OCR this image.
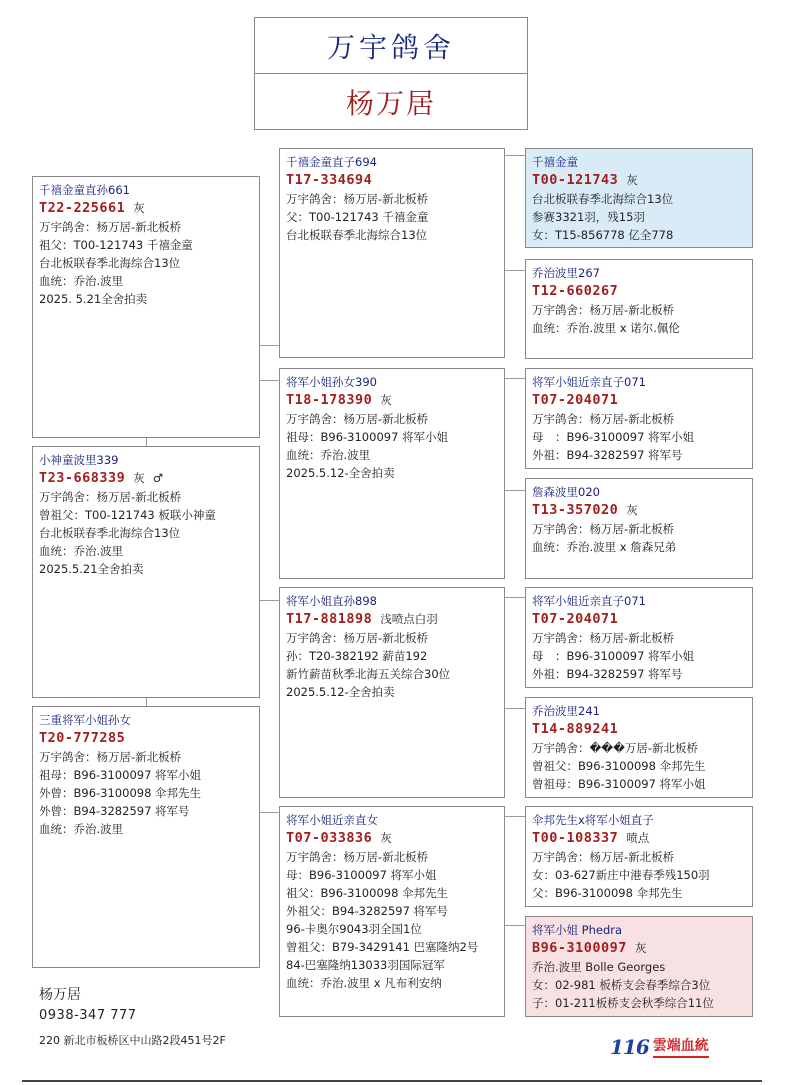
万宇鸽舍
杨万居
千禧金童直孙661
T22-225661 灰
万宇鸽舍：杨万居-新北板桥
祖父：T00-121743 千禧金童
台北板联春季北海综合13位
血统：乔治.波里
2025. 5.21全舍拍卖
小神童波里339
T23-668339 灰 ♂
万宇鸽舍：杨万居-新北板桥
曾祖父：T00-121743 板联小神童
台北板联春季北海综合13位
血统：乔治.波里
2025.5.21全舍拍卖
三重将军小姐孙女
T20-777285
万宇鸽舍：杨万居-新北板桥
祖母：B96-3100097 将军小姐
外曾：B96-3100098 伞邦先生
外曾：B94-3282597 将军号
血统：乔治.波里
千禧金童直子694
T17-334694
万宇鸽舍：杨万居-新北板桥
父：T00-121743 千禧金童
台北板联春季北海综合13位
将军小姐孙女390
T18-178390 灰
万宇鸽舍：杨万居-新北板桥
祖母：B96-3100097 将军小姐
血统：乔治.波里
2025.5.12-全舍拍卖
将军小姐直孙898
T17-881898 浅喷点白羽
万宇鸽舍：杨万居-新北板桥
孙：T20-382192 薪苗192
新竹薪苗秋季北海五关综合30位
2025.5.12-全舍拍卖
将军小姐近亲直女
T07-033836 灰
万宇鸽舍：杨万居-新北板桥
母：B96-3100097 将军小姐
祖父：B96-3100098 伞邦先生
外祖父：B94-3282597 将军号
96-卡奥尔9043羽全国1位
曾祖父：B79-3429141 巴塞隆纳2号
84-巴塞隆纳13033羽国际冠军
血统：乔治.波里 x 凡布利安纳
千禧金童
T00-121743 灰
台北板联春季北海综合13位
参赛3321羽，残15羽
女：T15-856778 亿全778
乔治波里267
T12-660267
万宇鸽舍：杨万居-新北板桥
血统：乔治.波里 x 诺尔.佩伦
将军小姐近亲直子071
T07-204071
万宇鸽舍：杨万居-新北板桥
母　：B96-3100097 将军小姐
外祖：B94-3282597 将军号
詹森波里020
T13-357020 灰
万宇鸽舍：杨万居-新北板桥
血统：乔治.波里 x 詹森兄弟
将军小姐近亲直子071
T07-204071
万宇鸽舍：杨万居-新北板桥
母　：B96-3100097 将军小姐
外祖：B94-3282597 将军号
乔治波里241
T14-889241
万宇鸽舍：���万居-新北板桥
曾祖父：B96-3100098 伞邦先生
曾祖母：B96-3100097 将军小姐
伞邦先生x将军小姐直子
T00-108337 喷点
万宇鸽舍：杨万居-新北板桥
女：03-627新庄中港春季残150羽
父：B96-3100098 伞邦先生
将军小姐 Phedra
B96-3100097 灰
乔治.波里 Bolle Georges
女：02-981 板桥支会春季综合3位
子：01-211板桥支会秋季综合11位
杨万居
0938-347 777
220 新北市板桥区中山路2段451号2F	116 雲端血統
